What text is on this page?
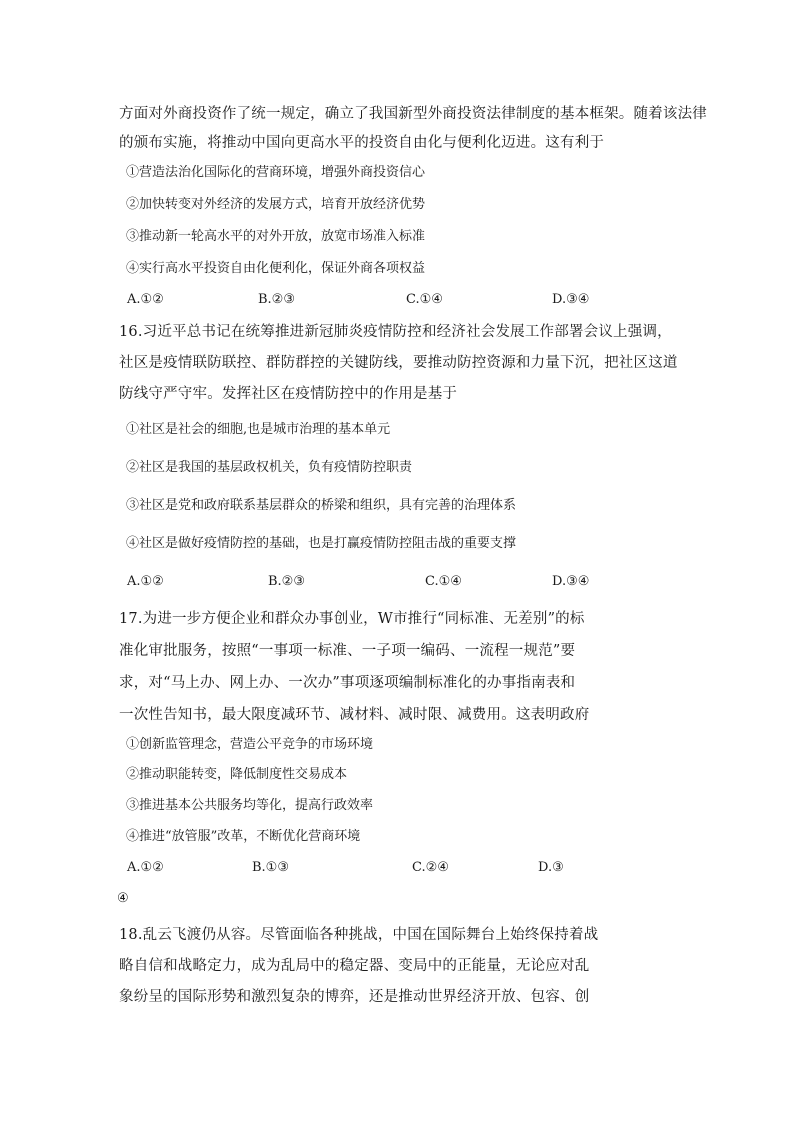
方面对外商投资作了统一规定，确立了我国新型外商投资法律制度的基本框架。随着该法律
的颁布实施，将推动中国向更高水平的投资自由化与便利化迈进。这有利于
①营造法治化国际化的营商环境，增强外商投资信心
②加快转变对外经济的发展方式，培育开放经济优势
③推动新一轮高水平的对外开放，放宽市场准入标准
④实行高水平投资自由化便利化，保证外商各项权益
A.①②	B.②③	C.①④	D.③④
16.习近平总书记在统筹推进新冠肺炎疫情防控和经济社会发展工作部署会议上强调，
社区是疫情联防联控、群防群控的关键防线，要推动防控资源和力量下沉，把社区这道
防线守严守牢。发挥社区在疫情防控中的作用是基于
①社区是社会的细胞,也是城市治理的基本单元
②社区是我国的基层政权机关，负有疫情防控职责
③社区是党和政府联系基层群众的桥梁和组织，具有完善的治理体系
④社区是做好疫情防控的基础，也是打赢疫情防控阻击战的重要支撑
A.①②	B.②③	C.①④	D.③④
17.为进一步方便企业和群众办事创业，W市推行“同标准、无差别”的标
准化审批服务，按照“一事项一标准、一子项一编码、一流程一规范”要
求，对“马上办、网上办、一次办”事项逐项编制标准化的办事指南表和
一次性告知书，最大限度减环节、减材料、减时限、减费用。这表明政府
①创新监管理念，营造公平竞争的市场环境
②推动职能转变，降低制度性交易成本
③推进基本公共服务均等化，提高行政效率
④推进“放管服”改革，不断优化营商环境
A.①②	B.①③	C.②④	D.③
④
18.乱云飞渡仍从容。尽管面临各种挑战，中国在国际舞台上始终保持着战
略自信和战略定力，成为乱局中的稳定器、变局中的正能量，无论应对乱
象纷呈的国际形势和激烈复杂的博弈，还是推动世界经济开放、包容、创
